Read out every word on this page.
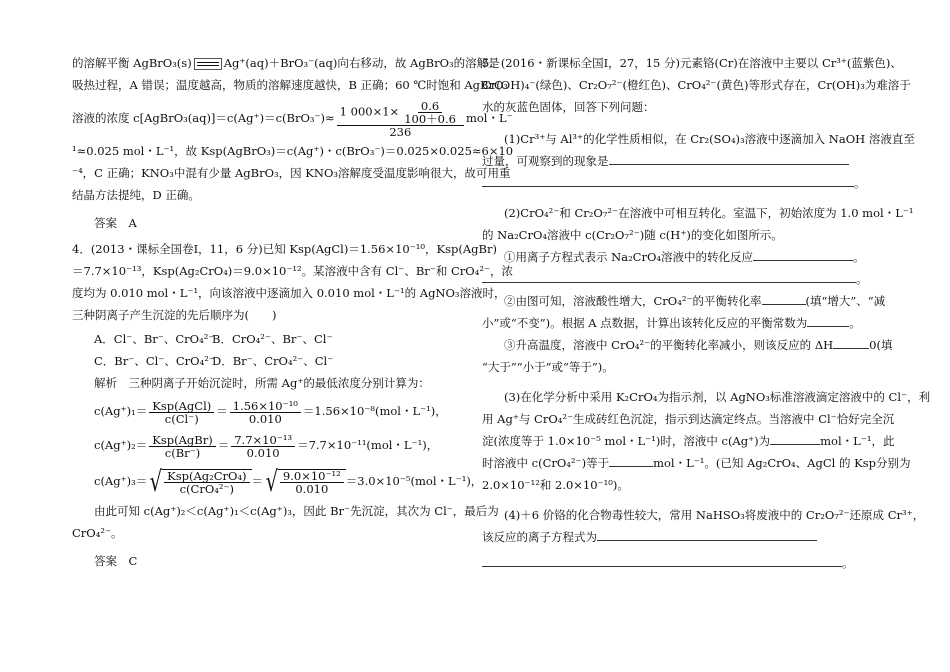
的溶解平衡 AgBrO₃(s)	Ag⁺(aq)＋BrO₃⁻(aq)向右移动，故 AgBrO₃的溶解是
吸热过程，A 错误；温度越高，物质的溶解速度越快，B 正确；60 ℃时饱和 AgBrO₃
溶液的浓度 c[AgBrO₃(aq)]＝c(Ag⁺)＝c(BrO₃⁻)≈ $\frac{1 000\times 1\times \frac{0.6}{100+0.6}}{236}$ mol・L⁻
¹≈0.025 mol・L⁻¹，故 Ksp(AgBrO₃)＝c(Ag⁺)・c(BrO₃⁻)＝0.025×0.025≈6×10
⁻⁴，C 正确；KNO₃中混有少量 AgBrO₃，因 KNO₃溶解度受温度影响很大，故可用重
结晶方法提纯，D 正确。
答案　A
4．(2013・课标全国卷Ⅰ，11，6 分)已知 Ksp(AgCl)＝1.56×10⁻¹⁰，Ksp(AgBr)
＝7.7×10⁻¹³，Ksp(Ag₂CrO₄)＝9.0×10⁻¹²。某溶液中含有 Cl⁻、Br⁻和 CrO₄²⁻，浓
度均为 0.010 mol・L⁻¹，向该溶液中逐滴加入 0.010 mol・L⁻¹的 AgNO₃溶液时，
三种阴离子产生沉淀的先后顺序为(　　)
A．Cl⁻、Br⁻、CrO₄²⁻B．CrO₄²⁻、Br⁻、Cl⁻
C．Br⁻、Cl⁻、CrO₄²⁻D．Br⁻、CrO₄²⁻、Cl⁻
解析　三种阴离子开始沉淀时，所需 Ag⁺的最低浓度分别计算为：
$c(Ag^+)_1= \frac{\text{Ksp(AgCl)}}{c(Cl^-)} = \frac{\text{1.56×10⁻¹⁰}}{0.010} =1.56\times 10^{-8}(mol$・L⁻¹)，
$c(Ag^+)_2= \frac{\text{Ksp(AgBr)}}{c(Br^-)} = \frac{\text{7.7×10⁻¹³}}{0.010} =7.7\times 10^{-11}(mol$・L⁻¹)，
c(Ag⁺)₃＝ √ $\frac{\text{Ksp(Ag₂CrO₄)}}{\text{c(CrO₄²⁻)}}$ ＝ √ $\frac{\text{9.0×10⁻¹²}}{0.010} =3.0\times 10^{-5}(mol$・L⁻¹)，
由此可知 c(Ag⁺)₂＜c(Ag⁺)₁＜c(Ag⁺)₃，因此 Br⁻先沉淀，其次为 Cl⁻，最后为
CrO₄²⁻。
答案　C
5．(2016・新课标全国Ⅰ，27，15 分)元素铬(Cr)在溶液中主要以 Cr³⁺(蓝紫色)、
Cr(OH)₄⁻(绿色)、Cr₂O₇²⁻(橙红色)、CrO₄²⁻(黄色)等形式存在，Cr(OH)₃为难溶于
水的灰蓝色固体，回答下列问题：
(1)Cr³⁺与 Al³⁺的化学性质相似，在 Cr₂(SO₄)₃溶液中逐滴加入 NaOH 溶液直至
过量，可观察到的现象是
。
(2)CrO₄²⁻和 Cr₂O₇²⁻在溶液中可相互转化。室温下，初始浓度为 1.0 mol・L⁻¹
的 Na₂CrO₄溶液中 c(Cr₂O₇²⁻)随 c(H⁺)的变化如图所示。
①用离子方程式表示 Na₂CrO₄溶液中的转化反应	。
。
②由图可知，溶液酸性增大，CrO₄²⁻的平衡转化率	(填“增大”、“减
小”或“不变”)。根据 A 点数据，计算出该转化反应的平衡常数为	。
③升高温度，溶液中 CrO₄²⁻的平衡转化率减小，则该反应的 ΔH	0(填
“大于”“小于”或“等于”)。
(3)在化学分析中采用 K₂CrO₄为指示剂，以 AgNO₃标准溶液滴定溶液中的 Cl⁻，利
用 Ag⁺与 CrO₄²⁻生成砖红色沉淀，指示到达滴定终点。当溶液中 Cl⁻恰好完全沉
淀(浓度等于 1.0×10⁻⁵ mol・L⁻¹)时，溶液中 c(Ag⁺)为	mol・L⁻¹，此
时溶液中 c(CrO₄²⁻)等于	mol・L⁻¹。(已知 Ag₂CrO₄、AgCl 的 Ksp分别为
2.0×10⁻¹²和 2.0×10⁻¹⁰)。
(4)＋6 价铬的化合物毒性较大，常用 NaHSO₃将废液中的 Cr₂O₇²⁻还原成 Cr³⁺，
该反应的离子方程式为
。
